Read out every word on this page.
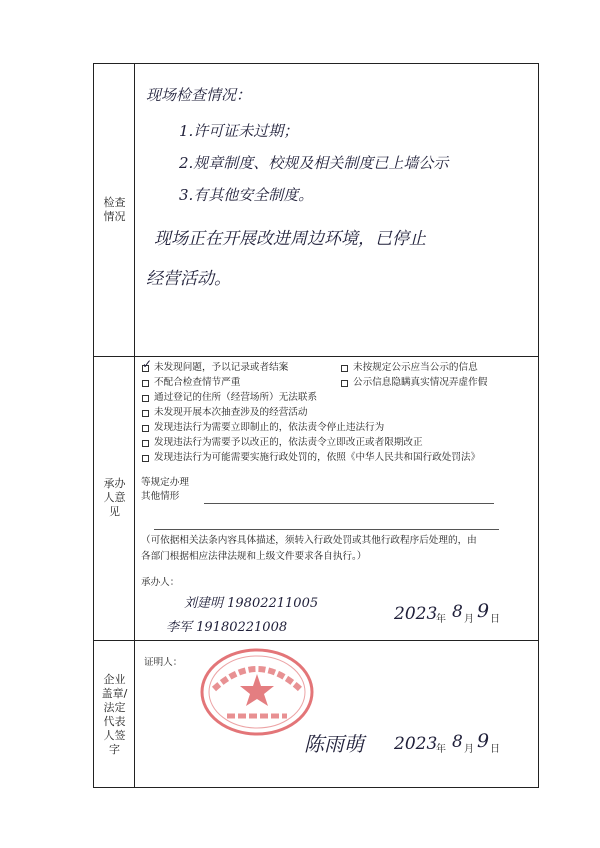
检查
情况
承办
人意
见
企业
盖章/
法定
代表
人签
字
现场检查情况：
1.许可证未过期；
2.规章制度、校规及相关制度已上墙公示
3.有其他安全制度。
现场正在开展改进周边环境，已停止
经营活动。
✓ 未发现问题，予以记录或者结案	未按规定公示应当公示的信息
不配合检查情节严重	公示信息隐瞒真实情况弄虚作假
通过登记的住所（经营场所）无法联系
未发现开展本次抽查涉及的经营活动
发现违法行为需要立即制止的，依法责令停止违法行为
发现违法行为需要予以改正的，依法责令立即改正或者限期改正
发现违法行为可能需要实施行政处罚的，依照《中华人民共和国行政处罚法》
等规定办理
其他情形
（可依据相关法条内容具体描述，须转入行政处罚或其他行政程序后处理的，由
各部门根据相应法律法规和上级文件要求各自执行。）
承办人：
刘建明 19802211005
李军 19180221008
2023
年 8 月 9 日
证明人：
陈雨萌 2023
年 8 月 9 日
